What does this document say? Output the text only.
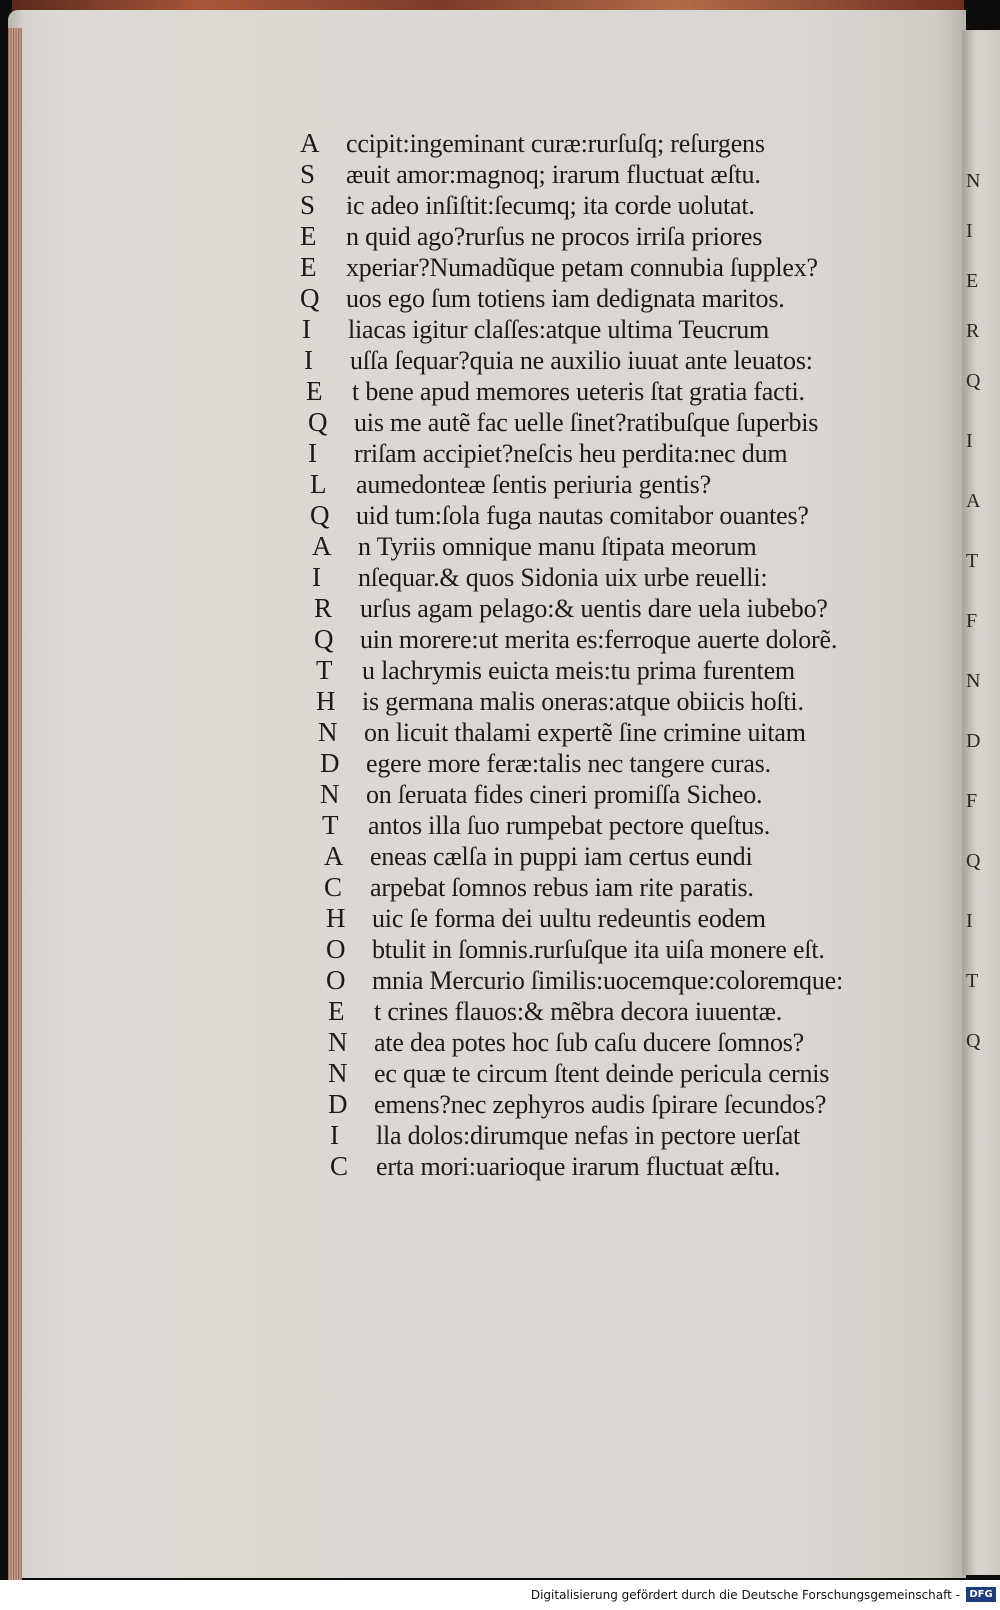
A ccipit:ingeminant curæ:rurſuſq; reſurgens
S æuit amor:magnoq; irarum fluctuat æſtu.
S ic adeo inſiſtit:ſecumq; ita corde uolutat.
E n quid ago?rurſus ne procos irriſa priores
E xperiar?Numadũque petam connubia ſupplex?
Q uos ego ſum totiens iam dedignata maritos.
I liacas igitur claſſes:atque ultima Teucrum
I uſſa ſequar?quia ne auxilio iuuat ante leuatos:
E t bene apud memores ueteris ſtat gratia facti.
Q uis me autẽ fac uelle ſinet?ratibuſque ſuperbis
I rriſam accipiet?neſcis heu perdita:nec dum
L aumedonteæ ſentis periuria gentis?
Q uid tum:ſola fuga nautas comitabor ouantes?
A n Tyriis omnique manu ſtipata meorum
I nſequar.& quos Sidonia uix urbe reuelli:
R urſus agam pelago:& uentis dare uela iubebo?
Q uin morere:ut merita es:ferroque auerte dolorẽ.
T u lachrymis euicta meis:tu prima furentem
H is germana malis oneras:atque obiicis hoſti.
N on licuit thalami expertẽ ſine crimine uitam
D egere more feræ:talis nec tangere curas.
N on ſeruata fides cineri promiſſa Sicheo.
T antos illa ſuo rumpebat pectore queſtus.
A eneas cælſa in puppi iam certus eundi
C arpebat ſomnos rebus iam rite paratis.
H uic ſe forma dei uultu redeuntis eodem
O btulit in ſomnis.rurſuſque ita uiſa monere eſt.
O mnia Mercurio ſimilis:uocemque:coloremque:
E t crines flauos:& mẽbra decora iuuentæ.
N ate dea potes hoc ſub caſu ducere ſomnos?
N ec quæ te circum ſtent deinde pericula cernis
D emens?nec zephyros audis ſpirare ſecundos?
I lla dolos:dirumque nefas in pectore uerſat
C erta mori:uarioque irarum fluctuat æſtu.
N
I
E
R
Q
I
A
T
F
N
D
F
Q
I
T
Q
Digitalisierung gefördert durch die Deutsche Forschungsgemeinschaft - DFG
